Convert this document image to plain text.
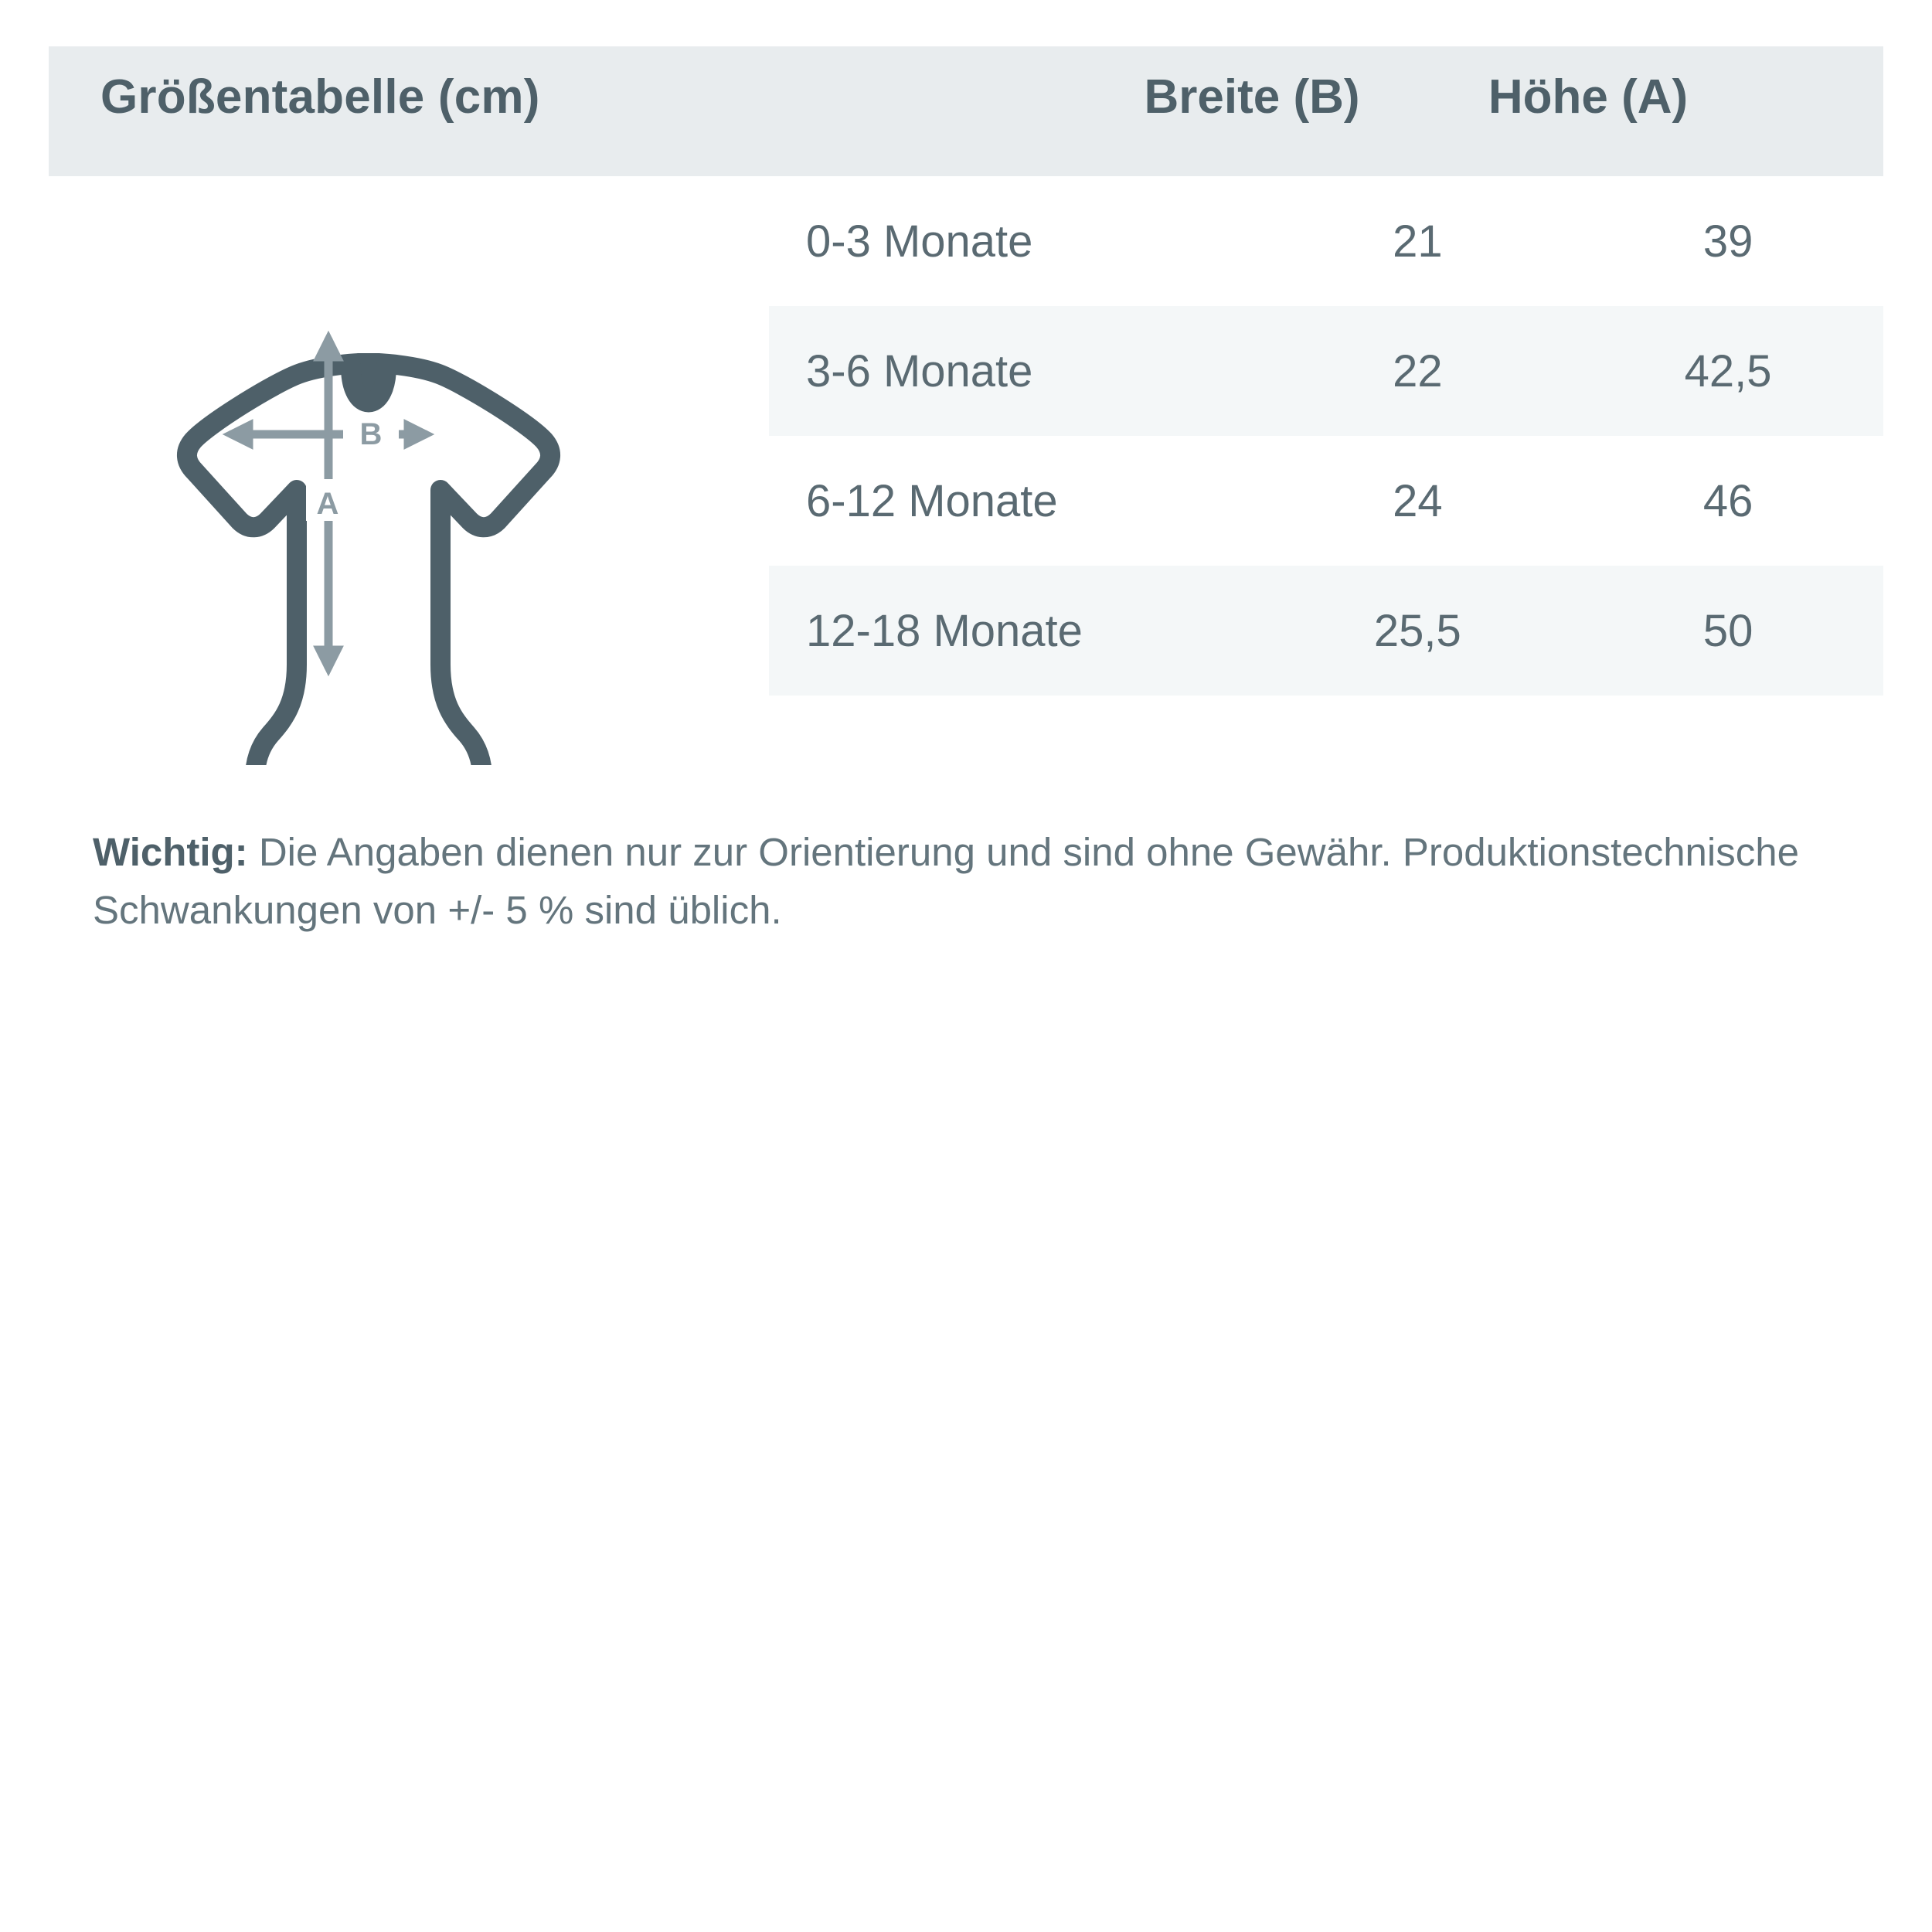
Größentabelle (cm)	Breite (B)	Höhe (A)
B
A
0-3 Monate	21	39
3-6 Monate	22	42,5
6-12 Monate	24	46
12-18 Monate	25,5	50
Wichtig: Die Angaben dienen nur zur Orientierung und sind ohne Gewähr. Produktionstechnische Schwankungen von +/- 5 % sind üblich.
